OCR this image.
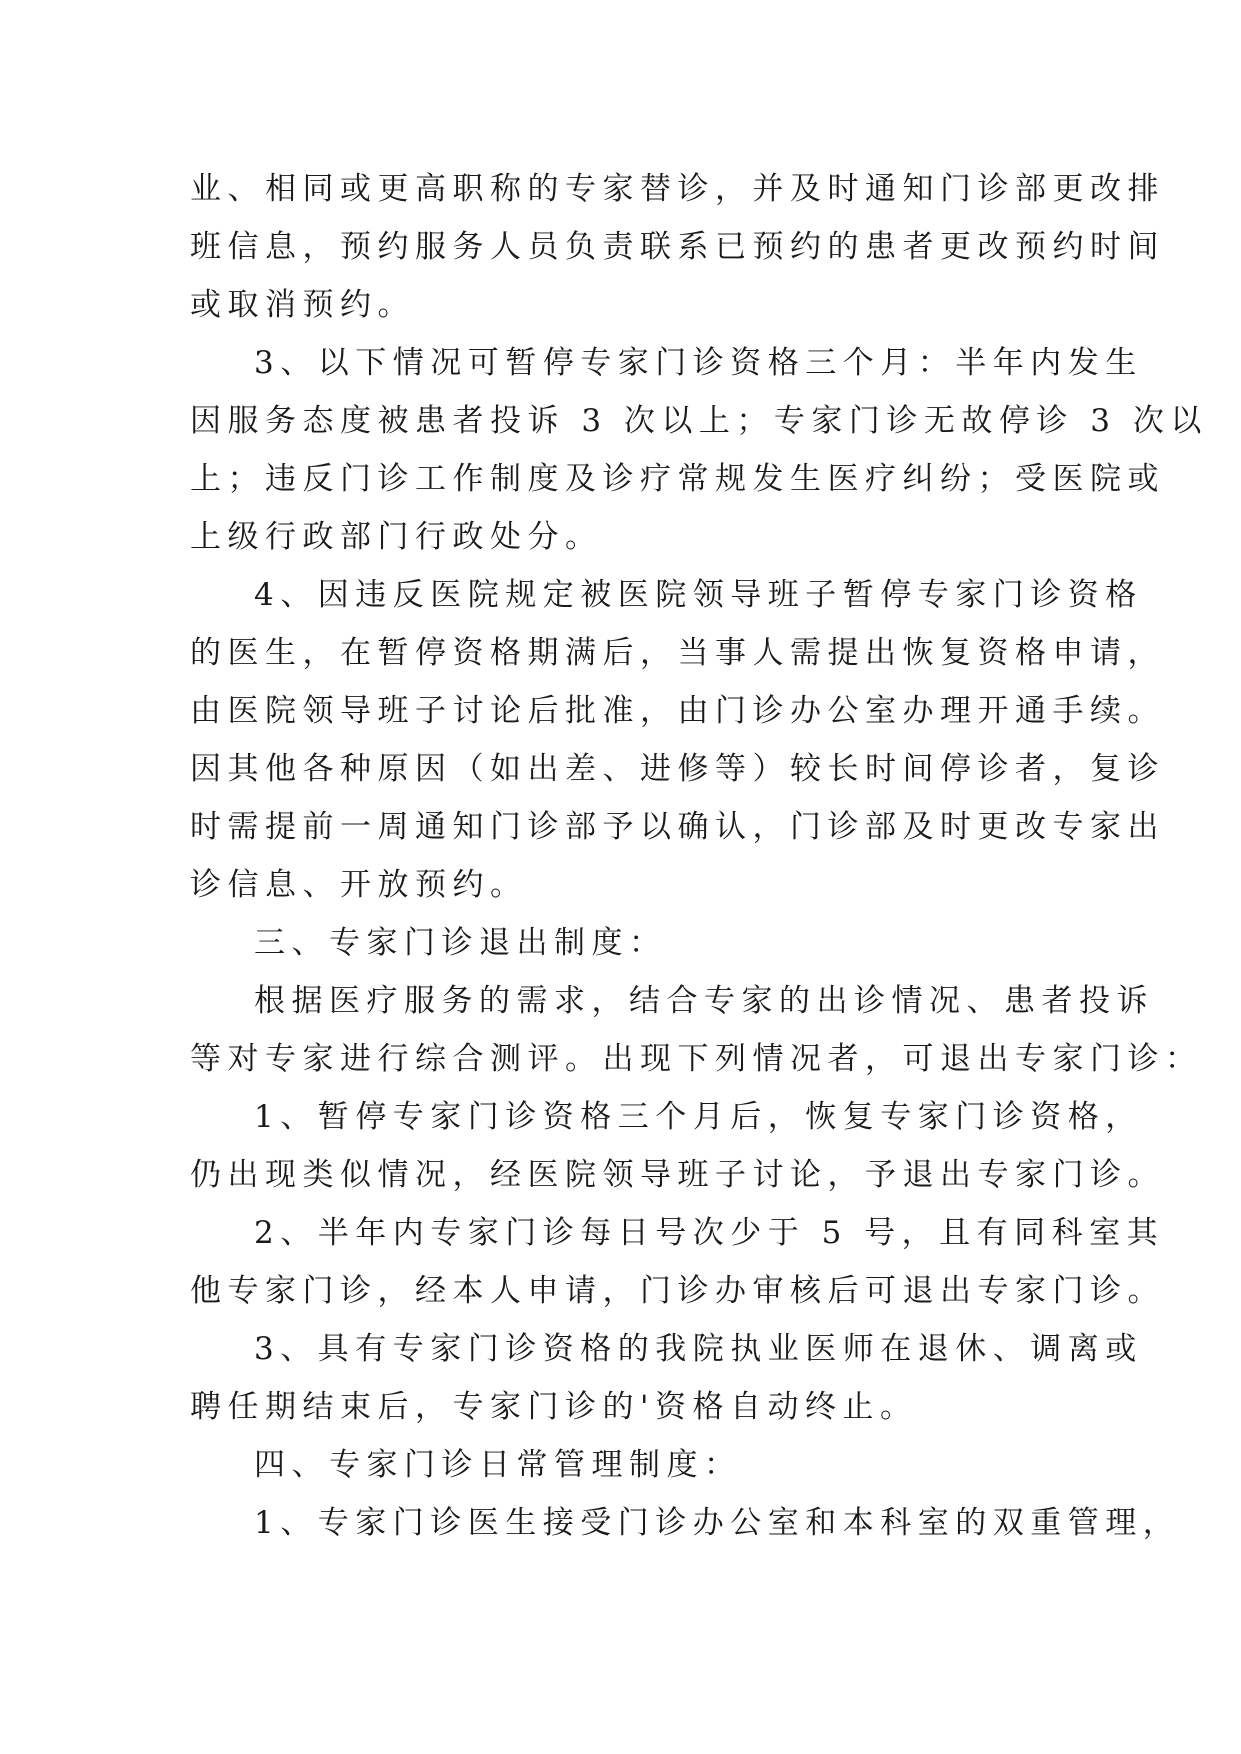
业、相同或更高职称的专家替诊，并及时通知门诊部更改排
班信息，预约服务人员负责联系已预约的患者更改预约时间
或取消预约。
3、以下情况可暂停专家门诊资格三个月：半年内发生
因服务态度被患者投诉 3 次以上；专家门诊无故停诊 3 次以
上；违反门诊工作制度及诊疗常规发生医疗纠纷；受医院或
上级行政部门行政处分。
4、因违反医院规定被医院领导班子暂停专家门诊资格
的医生，在暂停资格期满后，当事人需提出恢复资格申请，
由医院领导班子讨论后批准，由门诊办公室办理开通手续。
因其他各种原因（如出差、进修等）较长时间停诊者，复诊
时需提前一周通知门诊部予以确认，门诊部及时更改专家出
诊信息、开放预约。
三、专家门诊退出制度：
根据医疗服务的需求，结合专家的出诊情况、患者投诉
等对专家进行综合测评。出现下列情况者，可退出专家门诊：
1、暂停专家门诊资格三个月后，恢复专家门诊资格，
仍出现类似情况，经医院领导班子讨论，予退出专家门诊。
2、半年内专家门诊每日号次少于 5 号，且有同科室其
他专家门诊，经本人申请，门诊办审核后可退出专家门诊。
3、具有专家门诊资格的我院执业医师在退休、调离或
聘任期结束后，专家门诊的'资格自动终止。
四、专家门诊日常管理制度：
1、专家门诊医生接受门诊办公室和本科室的双重管理，
